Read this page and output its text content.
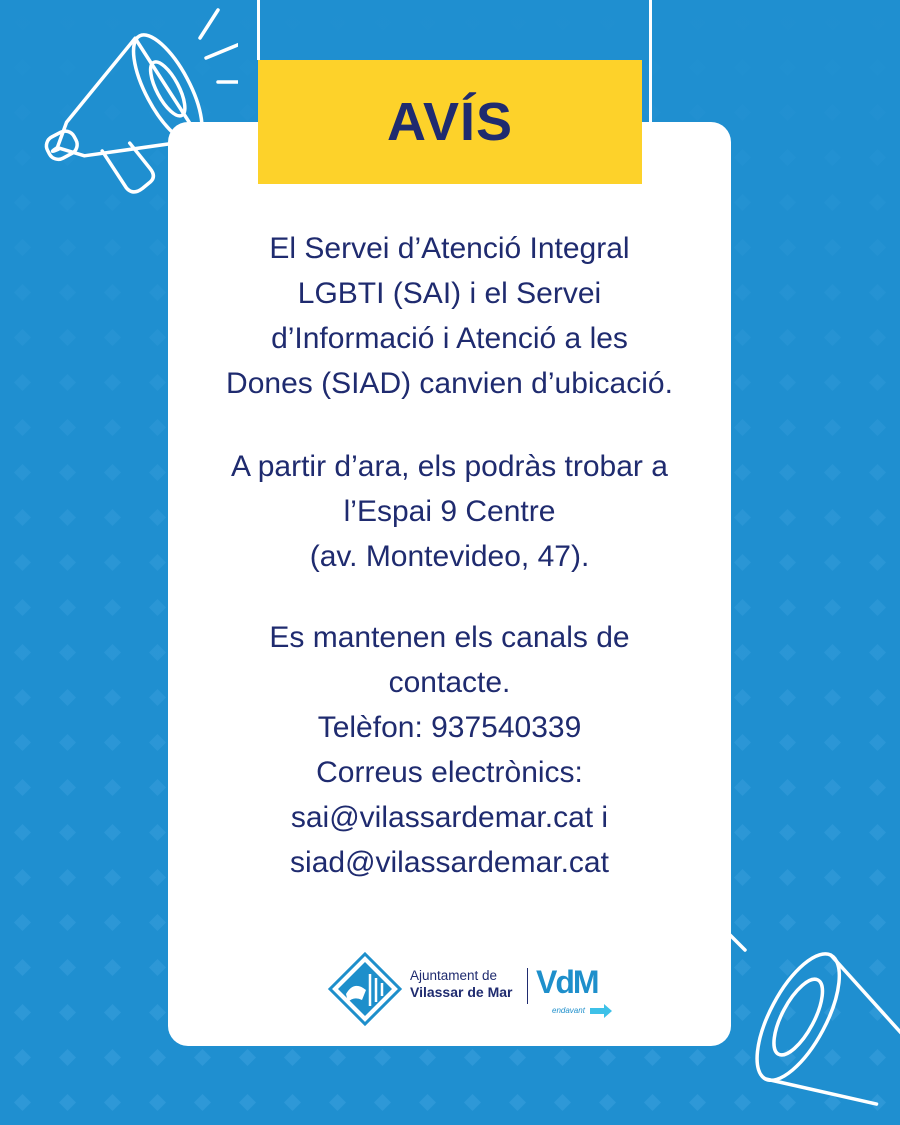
AVÍS
El Servei d’Atenció Integral
LGBTI (SAI) i el Servei
d’Informació i Atenció a les
Dones (SIAD) canvien d’ubicació.
A partir d’ara, els podràs trobar a
l’Espai 9 Centre
(av. Montevideo, 47).
Es mantenen els canals de
contacte.
Telèfon: 937540339
Correus electrònics:
sai@vilassardemar.cat i
siad@vilassardemar.cat
Ajuntament de
Vilassar de Mar VdM
endavant
